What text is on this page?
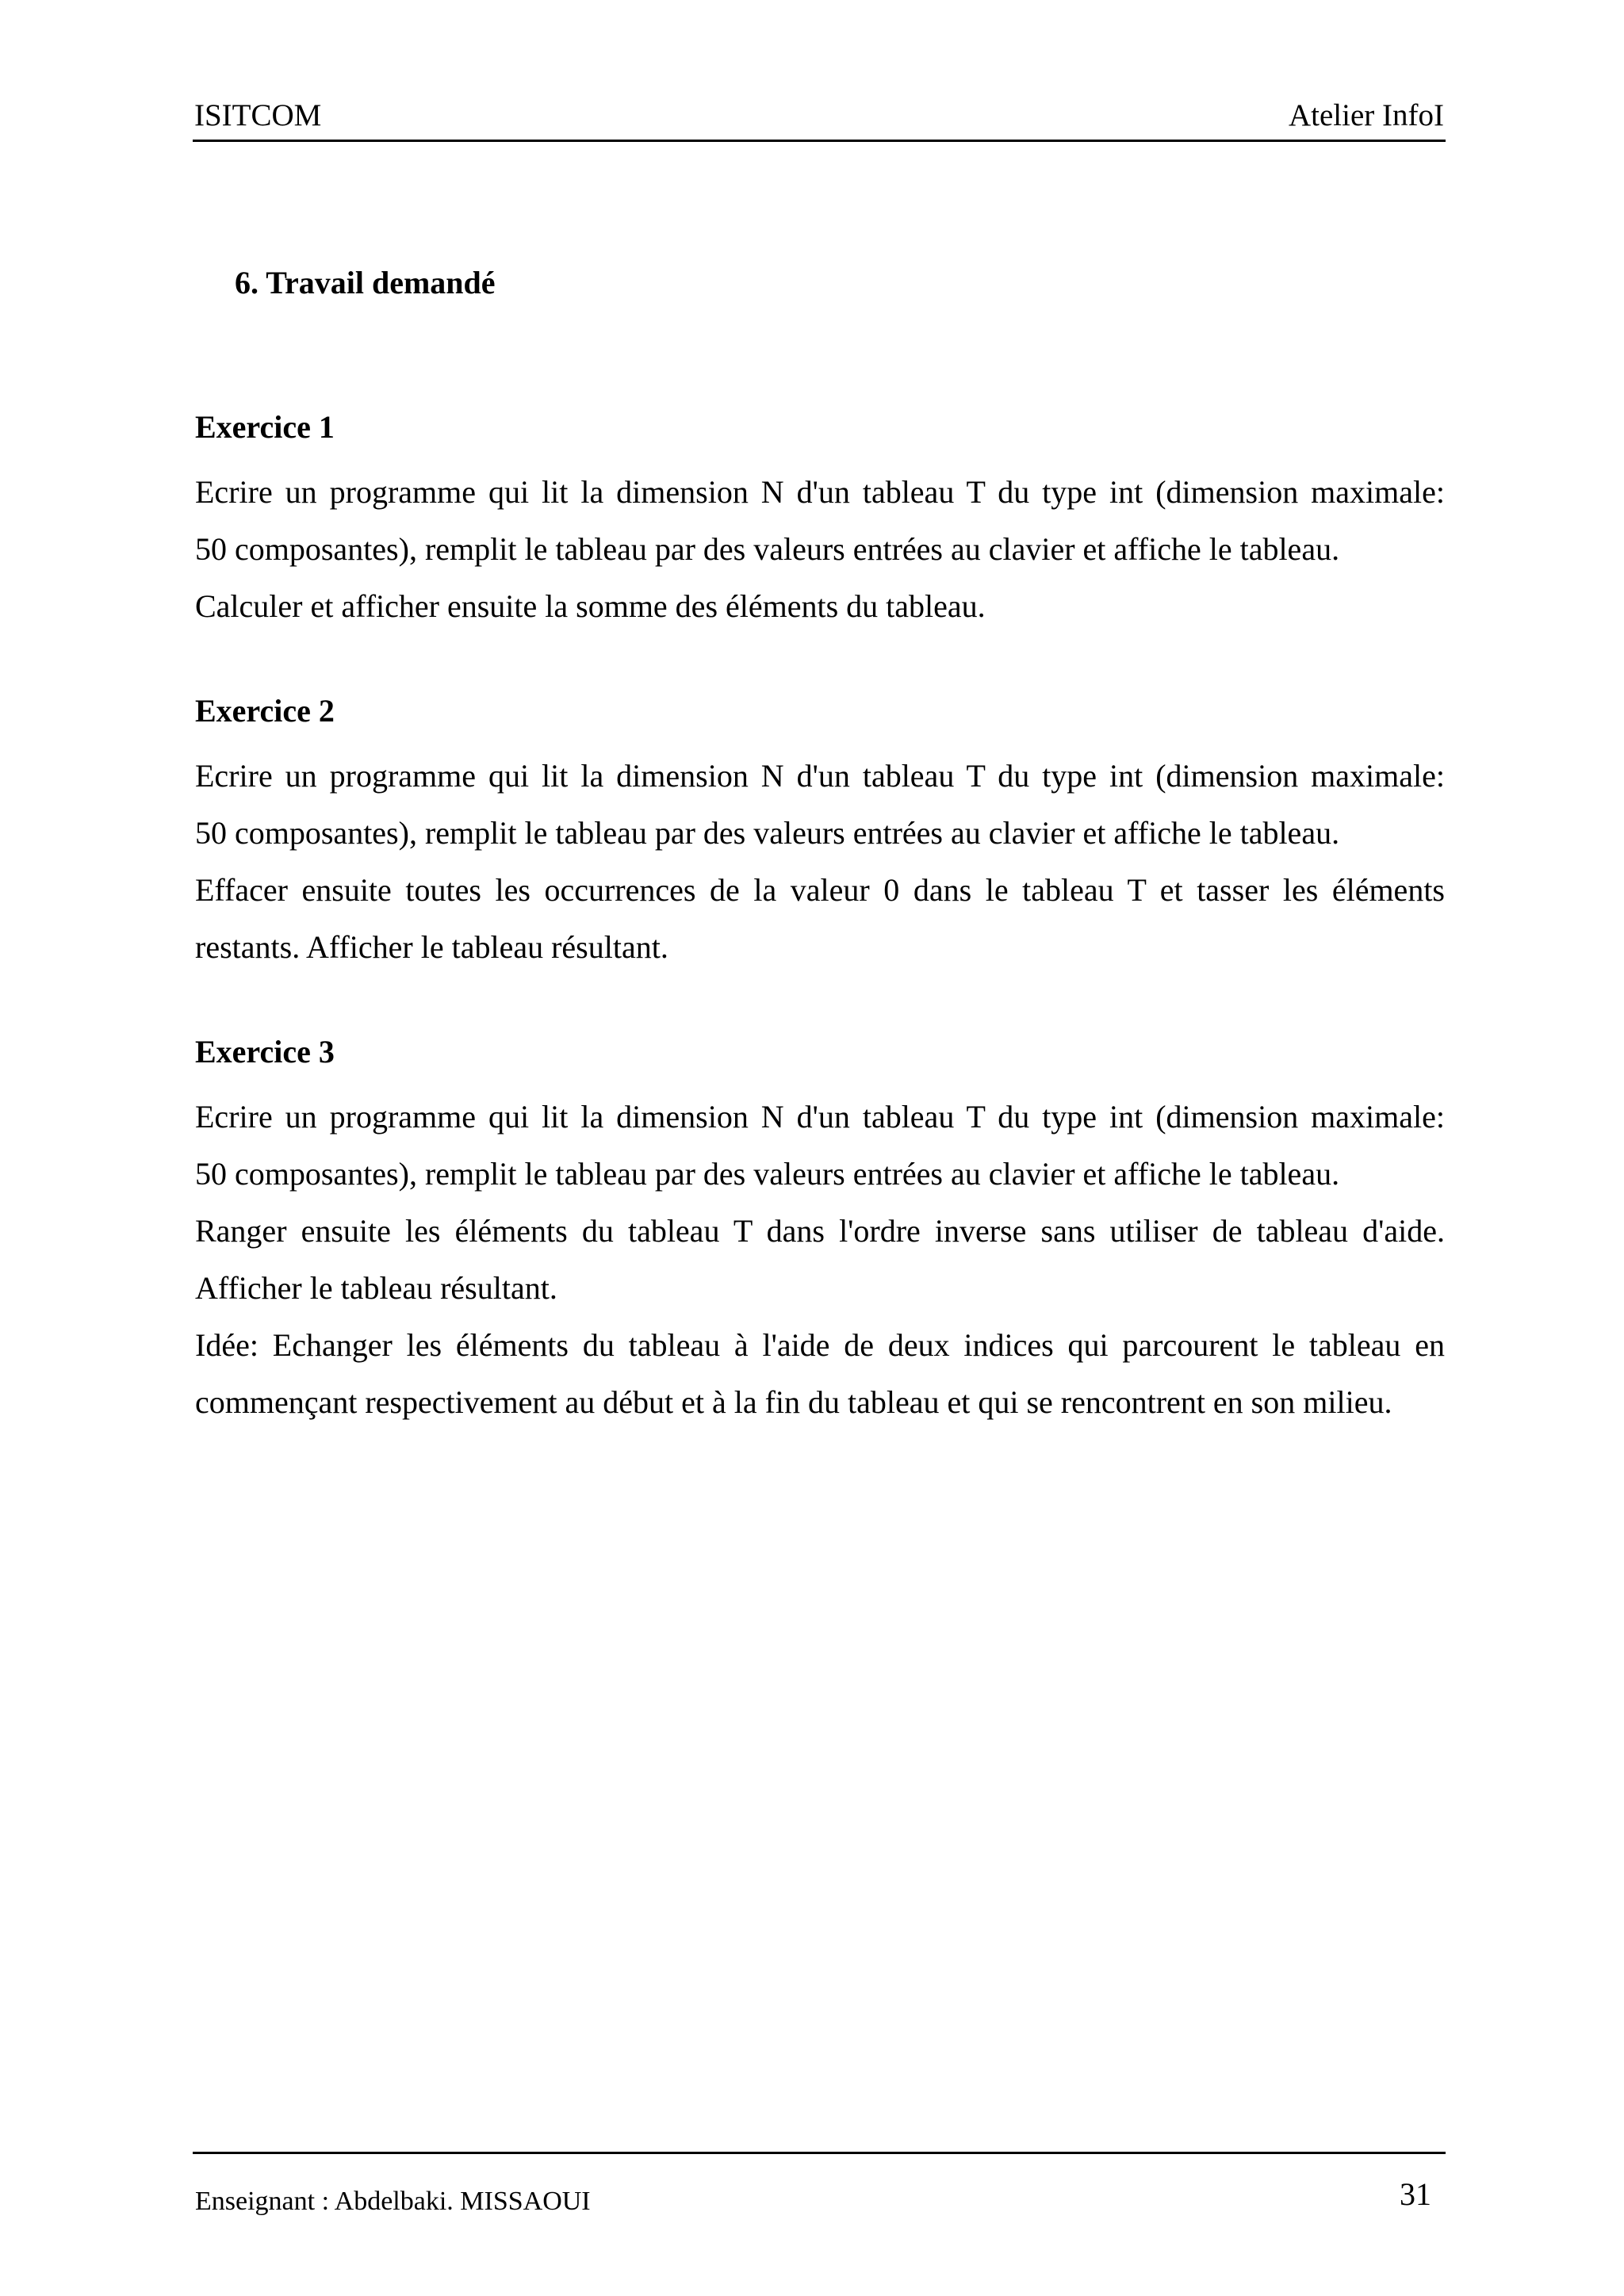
ISITCOM	Atelier InfoI
6. Travail demandé
Exercice 1
Ecrire un programme qui lit la dimension N d'un tableau T du type int (dimension maximale:
50 composantes), remplit le tableau par des valeurs entrées au clavier et affiche le tableau.
Calculer et afficher ensuite la somme des éléments du tableau.
Exercice 2
Ecrire un programme qui lit la dimension N d'un tableau T du type int (dimension maximale:
50 composantes), remplit le tableau par des valeurs entrées au clavier et affiche le tableau.
Effacer ensuite toutes les occurrences de la valeur 0 dans le tableau T et tasser les éléments
restants. Afficher le tableau résultant.
Exercice 3
Ecrire un programme qui lit la dimension N d'un tableau T du type int (dimension maximale:
50 composantes), remplit le tableau par des valeurs entrées au clavier et affiche le tableau.
Ranger ensuite les éléments du tableau T dans l'ordre inverse sans utiliser de tableau d'aide.
Afficher le tableau résultant.
Idée: Echanger les éléments du tableau à l'aide de deux indices qui parcourent le tableau en
commençant respectivement au début et à la fin du tableau et qui se rencontrent en son milieu.
Enseignant : Abdelbaki. MISSAOUI	31
